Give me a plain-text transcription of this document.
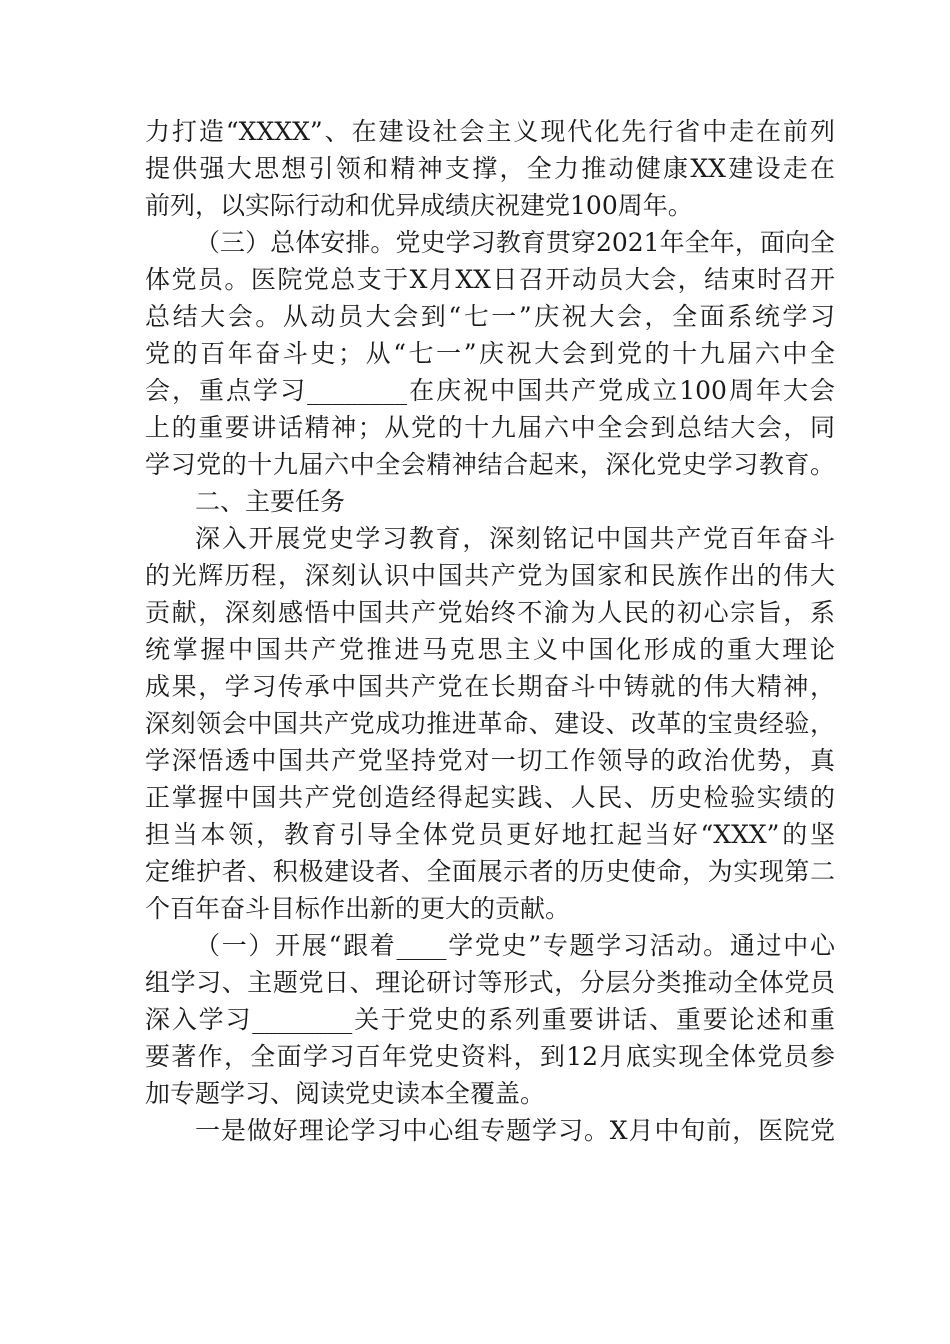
力打造“XXXX”、在建设社会主义现代化先行省中走在前列
提供强大思想引领和精神支撑，全力推动健康XX建设走在
前列，以实际行动和优异成绩庆祝建党100周年。
（三）总体安排。党史学习教育贯穿2021年全年，面向全
体党员。医院党总支于X月XX日召开动员大会，结束时召开
总结大会。从动员大会到“七一”庆祝大会，全面系统学习
党的百年奋斗史；从“七一”庆祝大会到党的十九届六中全
会，重点学习________在庆祝中国共产党成立100周年大会
上的重要讲话精神；从党的十九届六中全会到总结大会，同
学习党的十九届六中全会精神结合起来，深化党史学习教育。
二、主要任务
深入开展党史学习教育，深刻铭记中国共产党百年奋斗
的光辉历程，深刻认识中国共产党为国家和民族作出的伟大
贡献，深刻感悟中国共产党始终不渝为人民的初心宗旨，系
统掌握中国共产党推进马克思主义中国化形成的重大理论
成果，学习传承中国共产党在长期奋斗中铸就的伟大精神，
深刻领会中国共产党成功推进革命、建设、改革的宝贵经验，
学深悟透中国共产党坚持党对一切工作领导的政治优势，真
正掌握中国共产党创造经得起实践、人民、历史检验实绩的
担当本领，教育引导全体党员更好地扛起当好“XXX”的坚
定维护者、积极建设者、全面展示者的历史使命，为实现第二
个百年奋斗目标作出新的更大的贡献。
（一）开展“跟着____学党史”专题学习活动。通过中心
组学习、主题党日、理论研讨等形式，分层分类推动全体党员
深入学习________关于党史的系列重要讲话、重要论述和重
要著作，全面学习百年党史资料，到12月底实现全体党员参
加专题学习、阅读党史读本全覆盖。
一是做好理论学习中心组专题学习。X月中旬前，医院党
